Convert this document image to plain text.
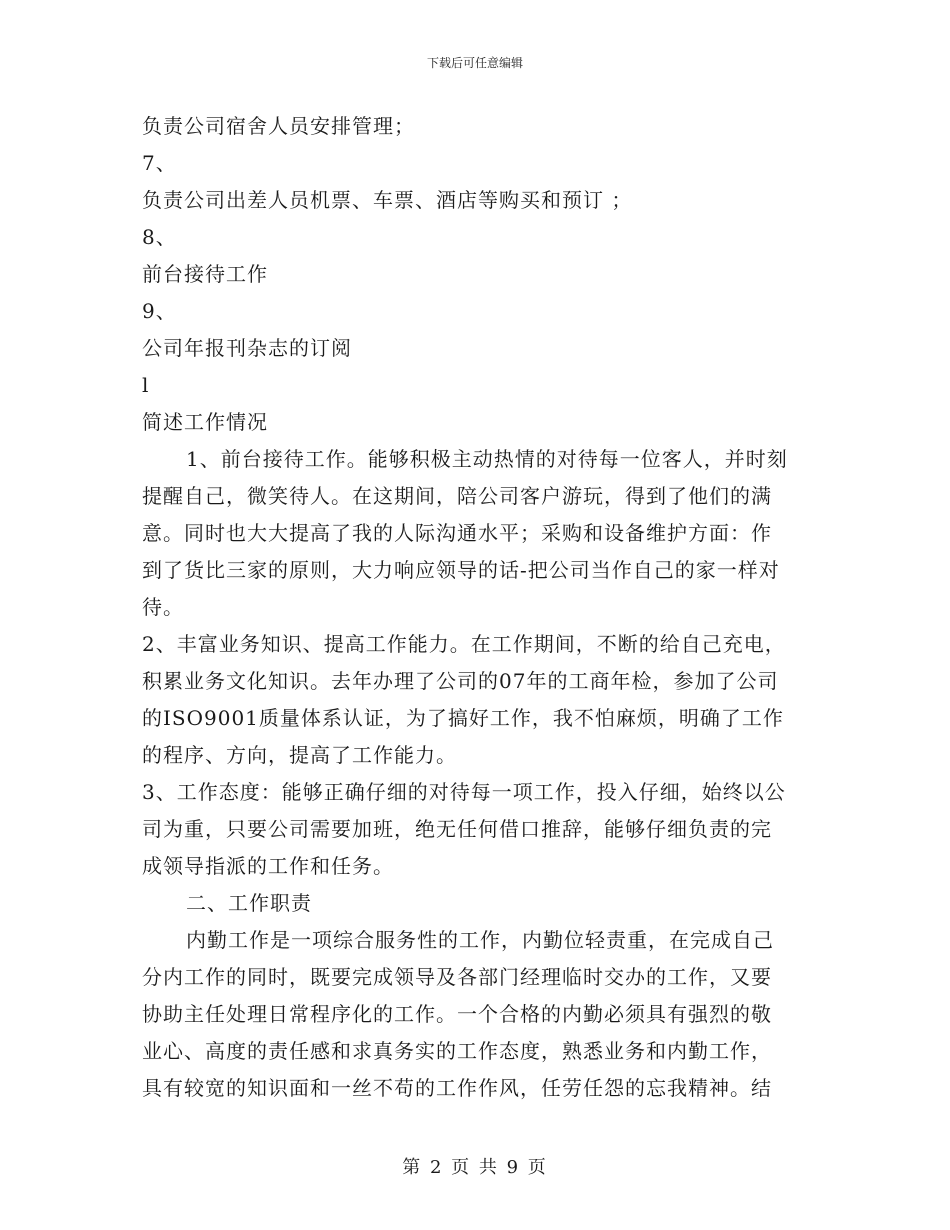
下载后可任意编辑
负责公司宿舍人员安排管理；
7、
负责公司出差人员机票、车票、酒店等购买和预订 ；
8、
前台接待工作
9、
公司年报刊杂志的订阅
l
简述工作情况
1、前台接待工作。能够积极主动热情的对待每一位客人，并时刻
提醒自己，微笑待人。在这期间，陪公司客户游玩，得到了他们的满
意。同时也大大提高了我的人际沟通水平；采购和设备维护方面：作
到了货比三家的原则，大力响应领导的话-把公司当作自己的家一样对
待。
2、丰富业务知识、提高工作能力。在工作期间，不断的给自己充电，
积累业务文化知识。去年办理了公司的07年的工商年检，参加了公司
的ISO9001质量体系认证，为了搞好工作，我不怕麻烦，明确了工作
的程序、方向，提高了工作能力。
3、工作态度：能够正确仔细的对待每一项工作，投入仔细，始终以公
司为重，只要公司需要加班，绝无任何借口推辞，能够仔细负责的完
成领导指派的工作和任务。
二、工作职责
内勤工作是一项综合服务性的工作，内勤位轻责重，在完成自己
分内工作的同时，既要完成领导及各部门经理临时交办的工作，又要
协助主任处理日常程序化的工作。一个合格的内勤必须具有强烈的敬
业心、高度的责任感和求真务实的工作态度，熟悉业务和内勤工作，
具有较宽的知识面和一丝不苟的工作作风，任劳任怨的忘我精神。结
第 2 页 共 9 页
